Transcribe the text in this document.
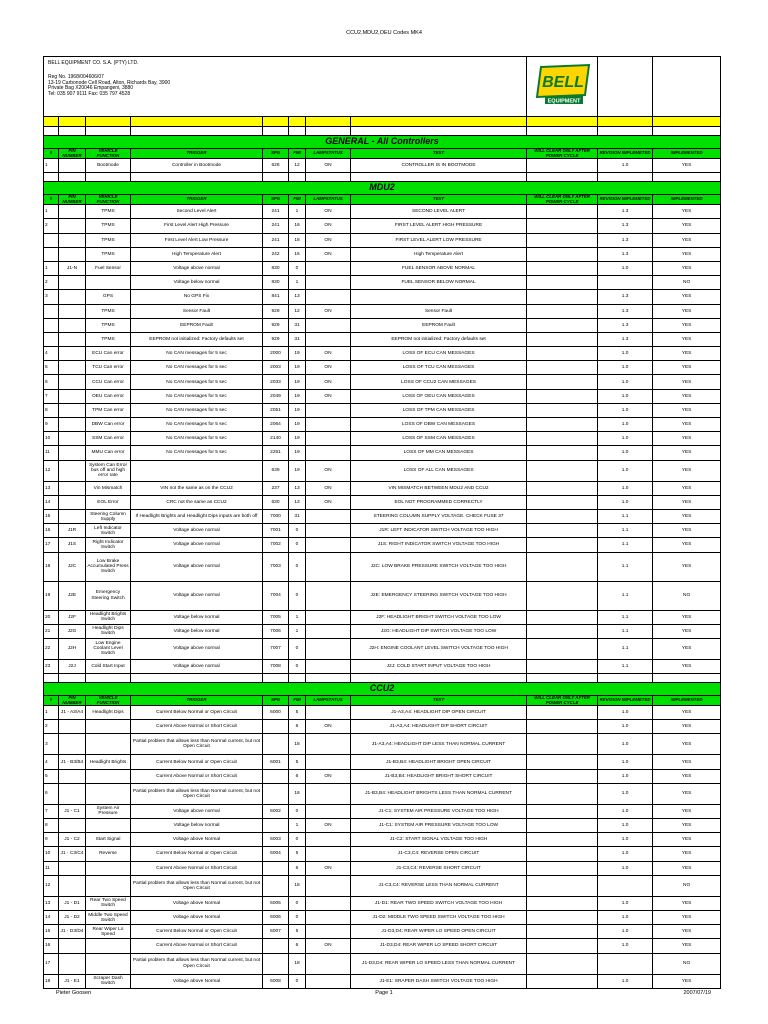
CCU2,MDU2,OEU Codes MK4
BELL EQUIPMENT CO. S.A. (PTY) LTD.
Reg No. 1968/004606/07
13-19 Carbonode Cell Road, Alton, Richards Bay, 3900
Private Bag X20046 Empangeni, 3880
Tel: 035 907 9111 Fax: 035 797 4528								BELL
EQUIPMENT		

GENERAL - All Controllers										
#	PIN NUMBER	VEHICLE FUNCTION	TRIGGER	SPN	FMI	LAMPSTATUS	TEXT	WILL CLEAR ONLY AFTER POWER CYCLE	REVISION IMPLEMETED	IMPLEMENTED
1		Bootmode	Controller in Bootmode	628	12	ON	CONTROLLER IS IN BOOTMODE		1.0	YES

MDU2										
#	PIN NUMBER	VEHICLE FUNCTION	TRIGGER	SPN	FMI	LAMPSTATUS	TEXT	WILL CLEAR ONLY AFTER POWER CYCLE	REVISION IMPLEMETED	IMPLEMENTED
1		TPMS	Second Level Alert	241	1	ON	SECOND LEVEL ALERT		1.3	YES
2		TPMS	First Level Alert High Pressure	241	16	ON	FIRST LEVEL ALERT HIGH PRESSURE		1.3	YES
		TPMS	First Level Alert Low Pressure	241	18	ON	FIRST LEVEL ALERT LOW PRESSURE		1.3	YES
		TPMS	High Temperature Alert	242	16	ON	High Temperature Alert		1.3	YES
1	J1-N	Fuel Sensor	Voltage above normal	830	0		FUEL SENSOR ABOVE NORMAL		1.0	YES
2			Voltage below normal	830	1		FUEL SENSOR BELOW NORMAL			NO
3		GPS	No GPS Fix	841	13				1.3	YES
		TPMS	Sensor Fault	929	12	ON	Sensor Fault		1.3	YES
		TPMS	EEPROM Fault	929	31		EEPROM Fault		1.3	YES
		TPMS	EEPROM not initialized: Factory defaults set	929	31		EEPROM not initialized: Factory defaults set		1.3	YES
4		ECU Can error	No CAN messages for 5 sec	2000	19	ON	LOSS OF ECU CAN MESSAGES		1.0	YES
5		TCU Can error	No CAN messages for 5 sec	2003	19	ON	LOSS OF TCU CAN MESSAGES		1.0	YES
6		CCU Can error	No CAN messages for 5 sec	2033	19	ON	LOSS OF CCU2 CAN MESSAGES		1.0	YES
7		OEU Can error	No CAN messages for 5 sec	2049	19	ON	LOSS OF OEU CAN MESSAGES		1.0	YES
8		TPM Can error	No CAN messages for 5 sec	2051	19		LOSS OF TPM CAN MESSAGES		1.0	YES
9		DBW Can error	No CAN messages for 5 sec	2064	19		LOSS OF DBW CAN MESSAGES		1.0	YES
10		SSM Can error	No CAN messages for 5 sec	2140	19		LOSS OF SSM CAN MESSAGES		1.0	YES
11		MMU Can error	No CAN messages for 5 sec	2251	19		LOSS OF MM CAN MESSAGES		1.0	YES
12		System Can Error bus off and high error rate		639	19	ON	LOSS OF ALL CAN MESSAGES		1.0	YES
13		Vin Mismatch	VIN not the same as on the CCU2	237	13	ON	VIN MISMATCH BETWEEN MDU2 AND CCU2		1.0	YES
14		EOL Error	CRC not the same as CCU2	630	13	ON	EOL NOT PROGRAMMED CORRECTLY		1.0	YES
15		Steering Column Supply	If Headlight Brights and Headlight Dips inputs are both off	7000	31		STEERING COLUMN SUPPLY VOLTAGE. CHECK FUSE 37		1.1	YES
16	J1R	Left Indicator Switch	Voltage above normal	7001	0		J1R: LEFT INDICATOR SWITCH VOLTAGE TOO HIGH		1.1	YES
17	J1S	Right Indicator Switch	Voltage above normal	7002	0		J1S: RIGHT INDICATOR SWITCH VOLTAGE TOO HIGH		1.1	YES
18	J2C	Low Brake Accumulated Press Switch	Voltage above normal	7003	0		J2C: LOW BRAKE PRESSURE SWITCH VOLTAGE TOO HIGH		1.1	YES
19	J2E	Emergency Steering Switch	Voltage above normal	7004	0		J2E: EMERGENCY STEERING SWITCH VOLTAGE TOO HIGH		1.1	NO
20	J2F	Headlight Brights Switch	Voltage below normal	7005	1		J2F: HEADLIGHT BRIGHT SWITCH VOLTAGE TOO LOW		1.1	YES
21	J2G	Headlight Dips Switch	Voltage below normal	7006	1		J2G: HEADLIGHT DIP SWITCH VOLTAGE TOO LOW		1.1	YES
22	J2H	Low Engine Coolant Level Switch	Voltage above normal	7007	0		J2H: ENGINE COOLANT LEVEL SWITCH VOLTAGE TOO HIGH		1.1	YES
23	J2J	Cold Start Input	Voltage above normal	7008	0		J2J: COLD START INPUT VOLTAGE TOO HIGH		1.1	YES

CCU2										
#	PIN NUMBER	VEHICLE FUNCTION	TRIGGER	SPN	FMI	LAMPSTATUS	TEXT	WILL CLEAR ONLY AFTER POWER CYCLE	REVISION IMPLEMETED	IMPLEMENTED
1	J1 - A3/A4	Headlight Dips	Current Below Normal or Open Circuit	6000	5		J1-A3,A4: HEADLIGHT DIP OPEN CIRCUIT		1.0	YES
2			Current Above Normal or Short Circuit		6	ON	J1-A3,A4: HEADLIGHT DIP SHORT CIRCUIT		1.0	YES
3			Partial problem that allows less than Normal current, but not Open Circuit		18		J1-A3,A4: HEADLIGHT DIP LESS THAN NORMAL CURRENT		1.0	YES
4	J1 - B3/B4	Headlight Brights	Current Below Normal or Open Circuit	6001	5		J1-B3,B4: HEADLIGHT BRIGHT OPEN CIRCUIT		1.0	YES
5			Current Above Normal or Short Circuit		6	ON	J1-B3,B4: HEADLIGHT BRIGHT SHORT CIRCUIT		1.0	YES
6			Partial problem that allows less than Normal current, but not Open Circuit		18		J1-B3,B4: HEADLIGHT BRIGHTS LESS THAN NORMAL CURRENT		1.0	YES
7	J1 - C1	System Air Pressure	Voltage above normal	6002	0		J1-C1: SYSTEM AIR PRESSURE VOLTAGE TOO HIGH		1.0	YES
8			Voltage below normal		1	ON	J1-C1: SYSTEM AIR PRESSURE VOLTAGE TOO LOW		1.0	YES
9	J1 - C2	Start Signal	Voltage above Normal	6003	0		J1-C2: START SIGNAL VOLTAGE TOO HIGH		1.0	YES
10	J1 - C3/C4	Reverse	Current Below Normal or Open Circuit	6004	5		J1-C3,C4: REVERSE OPEN CIRCUIT		1.0	YES
11			Current Above Normal or Short Circuit		6	ON	J1-C3,C4: REVERSE SHORT CIRCUIT		1.0	YES
12			Partial problem that allows less than Normal current, but not Open Circuit		18		J1-C3,C4: REVERSE LESS THAN NORMAL CURRENT			NO
13	J1 - D1	Rear Two Speed Switch	Voltage above Normal	6005	0		J1-D1: REAR TWO SPEED SWITCH VOLTAGE TOO HIGH		1.0	YES
14	J1 - D2	Middle Two Speed Switch	Voltage above Normal	6006	0		J1-D2: MIDDLE TWO SPEED SWITCH VOLTAGE TOO HIGH		1.0	YES
15	J1 - D3/D4	Rear Wiper Lo Speed	Current Below Normal or Open Circuit	6007	5		J1-D3,D4: REAR WIPER LO SPEED OPEN CIRCUIT		1.0	YES
16			Current Above Normal or Short Circuit		6	ON	J1-D3,D4: REAR WIPER LO SPEED SHORT CIRCUIT		1.0	YES
17			Partial problem that allows less than Normal current, but not Open Circuit		18		J1-D3,D4: REAR WIPER LO SPEED LESS THAN NORMAL CURRENT			NO
18	J1 - E1	Scraper Dash Switch	Voltage above Normal	6008	0		J1-E1: SRAPER DASH SWITCH VOLTAGE TOO HIGH		1.0	YES
Pieter Goosen	Page 1	2007/07/19
